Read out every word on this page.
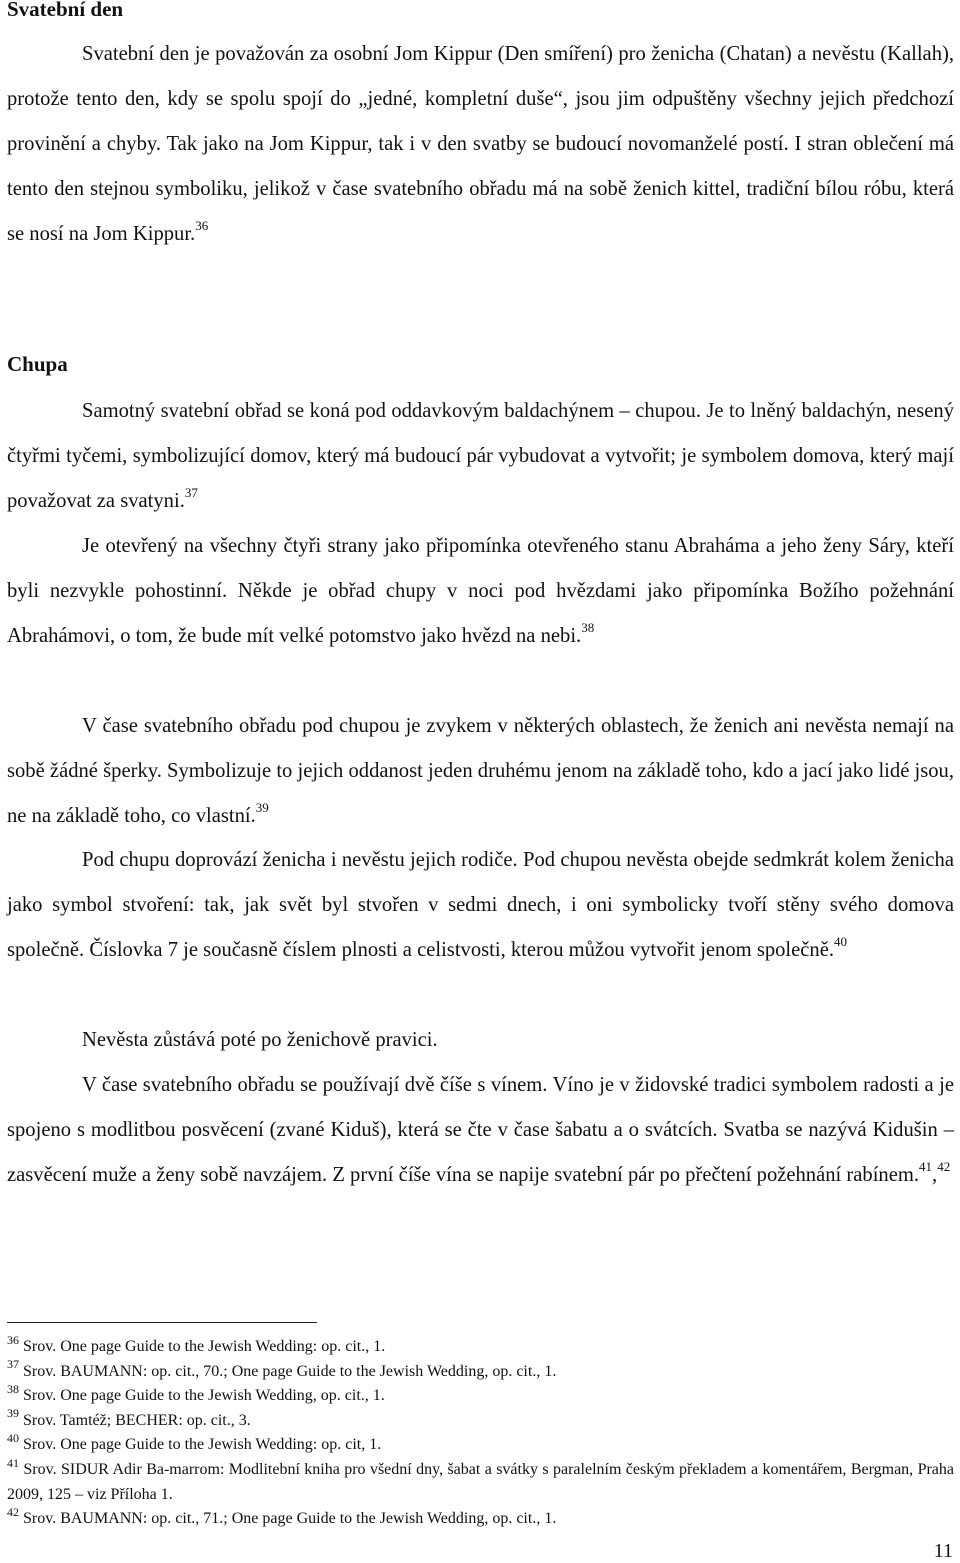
Svatební den

Svatební den je považován za osobní Jom Kippur (Den smíření) pro ženicha (Chatan) a nevěstu (Kallah), protože tento den, kdy se spolu spojí do „jedné, kompletní duše“, jsou jim odpuštěny všechny jejich předchozí provinění a chyby. Tak jako na Jom Kippur, tak i v den svatby se budoucí novomanželé postí. I stran oblečení má tento den stejnou symboliku, jelikož v čase svatebního obřadu má na sobě ženich kittel, tradiční bílou róbu, která se nosí na Jom Kippur.$^{36}$

Chupa

Samotný svatební obřad se koná pod oddavkovým baldachýnem – chupou. Je to lněný baldachýn, nesený čtyřmi tyčemi, symbolizující domov, který má budoucí pár vybudovat a vytvořit; je symbolem domova, který mají považovat za svatyni.$^{37}$

Je otevřený na všechny čtyři strany jako připomínka otevřeného stanu Abraháma a jeho ženy Sáry, kteří byli nezvykle pohostinní. Někde je obřad chupy v noci pod hvězdami jako připomínka Božího požehnání Abrahámovi, o tom, že bude mít velké potomstvo jako hvězd na nebi.$^{38}$

V čase svatebního obřadu pod chupou je zvykem v některých oblastech, že ženich ani nevěsta nemají na sobě žádné šperky. Symbolizuje to jejich oddanost jeden druhému jenom na základě toho, kdo a jací jako lidé jsou, ne na základě toho, co vlastní.$^{39}$

Pod chupu doprovází ženicha i nevěstu jejich rodiče. Pod chupou nevěsta obejde sedmkrát kolem ženicha jako symbol stvoření: tak, jak svět byl stvořen v sedmi dnech, i oni symbolicky tvoří stěny svého domova společně. Číslovka 7 je současně číslem plnosti a celistvosti, kterou můžou vytvořit jenom společně.$^{40}$

Nevěsta zůstává poté po ženichově pravici.

V čase svatebního obřadu se používají dvě číše s vínem. Víno je v židovské tradici symbolem radosti a je spojeno s modlitbou posvěcení (zvané Kiduš), která se čte v čase šabatu a o svátcích. Svatba se nazývá Kidušin – zasvěcení muže a ženy sobě navzájem. Z první číše vína se napije svatební pár po přečtení požehnání rabínem.$^{41}$,$^{42}$

$^{36}$ Srov. One page Guide to the Jewish Wedding: op. cit., 1.

$^{37}$ Srov. BAUMANN: op. cit., 70.; One page Guide to the Jewish Wedding, op. cit., 1.

$^{38}$ Srov. One page Guide to the Jewish Wedding, op. cit., 1.

$^{39}$ Srov. Tamtéž; BECHER: op. cit., 3.

$^{40}$ Srov. One page Guide to the Jewish Wedding: op. cit, 1.

$^{41}$ Srov. SIDUR Adir Ba-marrom: Modlitební kniha pro všední dny, šabat a svátky s paralelním českým překladem a komentářem, Bergman, Praha 2009, 125 – viz Příloha 1.

$^{42}$ Srov. BAUMANN: op. cit., 71.; One page Guide to the Jewish Wedding, op. cit., 1.

11
